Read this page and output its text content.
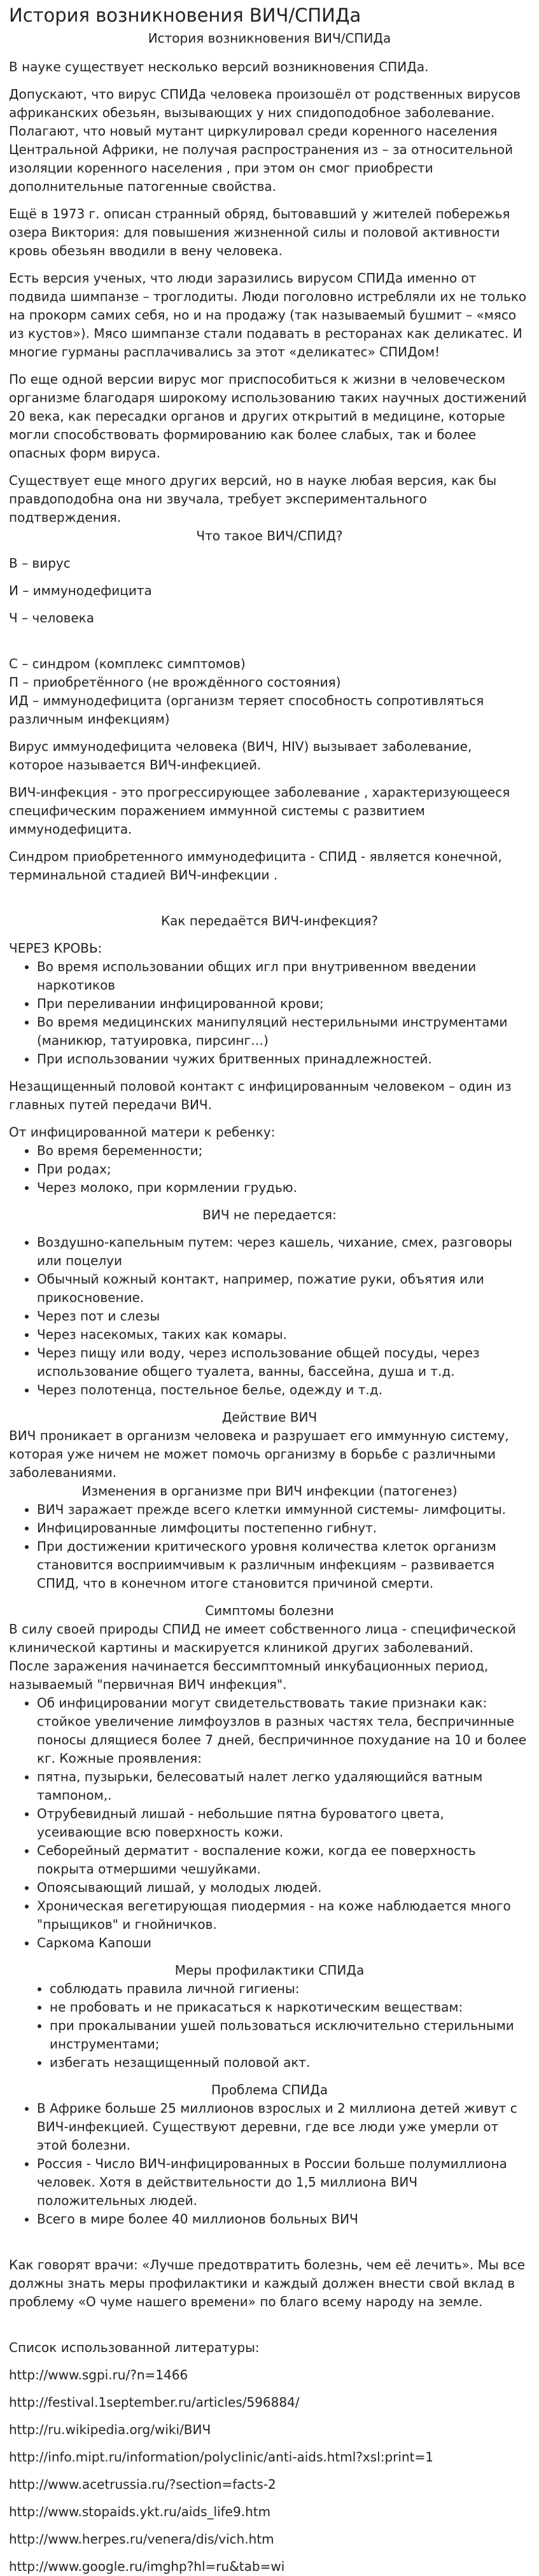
История возникновения ВИЧ/СПИДа

История возникновения ВИЧ/СПИДа

В науке существует несколько версий возникновения СПИДа.

Допускают, что вирус СПИДа человека произошёл от родственных вирусов африканских обезьян, вызывающих у них спидоподобное заболевание. Полагают, что новый мутант циркулировал среди коренного населения Центральной Африки, не получая распространения из – за относительной изоляции коренного населения , при этом он смог приобрести дополнительные патогенные свойства.

Ещё в 1973 г. описан странный обряд, бытовавший у жителей побережья озера Виктория: для повышения жизненной силы и половой активности кровь обезьян вводили в вену человека.

Есть версия ученых, что люди заразились вирусом СПИДа именно от подвида шимпанзе – троглодиты. Люди поголовно истребляли их не только на прокорм самих себя, но и на продажу (так называемый бушмит – «мясо из кустов»). Мясо шимпанзе стали подавать в ресторанах как деликатес. И многие гурманы расплачивались за этот «деликатес» СПИДом!

По еще одной версии вирус мог приспособиться к жизни в человеческом организме благодаря широкому использованию таких научных достижений 20 века, как пересадки органов и других открытий в медицине, которые могли способствовать формированию как более слабых, так и более опасных форм вируса.

Существует еще много других версий, но в науке любая версия, как бы правдоподобна она ни звучала, требует экспериментального подтверждения.

Что такое ВИЧ/СПИД?

В – вирус

И – иммунодефицита

Ч – человека

С – синдром (комплекс симптомов)

П – приобретённого (не врождённого состояния)

ИД – иммунодефицита (организм теряет способность сопротивляться различным инфекциям)

Вирус иммунодефицита человека (ВИЧ, HIV) вызывает заболевание, которое называется ВИЧ-инфекцией.

ВИЧ-инфекция - это прогрессирующее заболевание , характеризующееся специфическим поражением иммунной системы с развитием иммунодефицита.

Синдром приобретенного иммунодефицита - СПИД - является конечной, терминальной стадией ВИЧ-инфекции .

Как передаётся ВИЧ-инфекция?

ЧЕРЕЗ КРОВЬ:

• Во время использовании общих игл при внутривенном введении наркотиков
• При переливании инфицированной крови;
• Во время медицинских манипуляций нестерильными инструментами (маникюр, татуировка, пирсинг…)
• При использовании чужих бритвенных принадлежностей.

Незащищенный половой контакт с инфицированным человеком – один из главных путей передачи ВИЧ.

От инфицированной матери к ребенку:

• Во время беременности;
• При родах;
• Через молоко, при кормлении грудью.

ВИЧ не передается:

• Воздушно-капельным путем: через кашель, чихание, смех, разговоры или поцелуи
• Обычный кожный контакт, например, пожатие руки, объятия или прикосновение.
• Через пот и слезы
• Через насекомых, таких как комары.
• Через пищу или воду, через использование общей посуды, через использование общего туалета, ванны, бассейна, душа и т.д.
• Через полотенца, постельное белье, одежду и т.д.

Действие ВИЧ

ВИЧ проникает в организм человека и разрушает его иммунную систему, которая уже ничем не может помочь организму в борьбе с различными заболеваниями.

Изменения в организме при ВИЧ инфекции (патогенез)

• ВИЧ заражает прежде всего клетки иммунной системы- лимфоциты.
• Инфицированные лимфоциты постепенно гибнут.
• При достижении критического уровня количества клеток организм становится восприимчивым к различным инфекциям – развивается СПИД, что в конечном итоге становится причиной смерти.

Симптомы болезни

В силу своей природы СПИД не имеет собственного лица - специфической клинической картины и маскируется клиникой других заболеваний.

После заражения начинается бессимптомный инкубационных период, называемый "первичная ВИЧ инфекция".

• Об инфицировании могут свидетельствовать такие признаки как: стойкое увеличение лимфоузлов в разных частях тела, беспричинные поносы длящиеся более 7 дней, беспричинное похудание на 10 и более кг. Кожные проявления:
• пятна, пузырьки, белесоватый налет легко удаляющийся ватным тампоном,.
• Отрубевидный лишай - небольшие пятна буроватого цвета, усеивающие всю поверхность кожи.
• Себорейный дерматит - воспаление кожи, когда ее поверхность покрыта отмершими чешуйками.
• Опоясывающий лишай, у молодых людей.
• Хроническая вегетирующая пиодермия - на коже наблюдается много "прыщиков" и гнойничков.
• Саркома Капоши

Меры профилактики СПИДа

• соблюдать правила личной гигиены:
• не пробовать и не прикасаться к наркотическим веществам:
• при прокалывании ушей пользоваться исключительно стерильными инструментами;
• избегать незащищенный половой акт.

Проблема СПИДа

• В Африке больше 25 миллионов взрослых и 2 миллиона детей живут с ВИЧ-инфекцией. Существуют деревни, где все люди уже умерли от этой болезни.
• Россия - Число ВИЧ-инфицированных в России больше полумиллиона человек. Хотя в действительности до 1,5 миллиона ВИЧ положительных людей.
• Всего в мире более 40 миллионов больных ВИЧ

Как говорят врачи: «Лучше предотвратить болезнь, чем её лечить». Мы все должны знать меры профилактики и каждый должен внести свой вклад в проблему «О чуме нашего времени» по благо всему народу на земле.

Список использованной литературы:

http://www.sgpi.ru/?n=1466
http://festival.1september.ru/articles/596884/
http://ru.wikipedia.org/wiki/ВИЧ
http://info.mipt.ru/information/polyclinic/anti-aids.html?xsl:print=1
http://www.acetrussia.ru/?section=facts-2
http://www.stopaids.ykt.ru/aids_life9.htm
http://www.herpes.ru/venera/dis/vich.htm
http://www.google.ru/imghp?hl=ru&tab=wi
